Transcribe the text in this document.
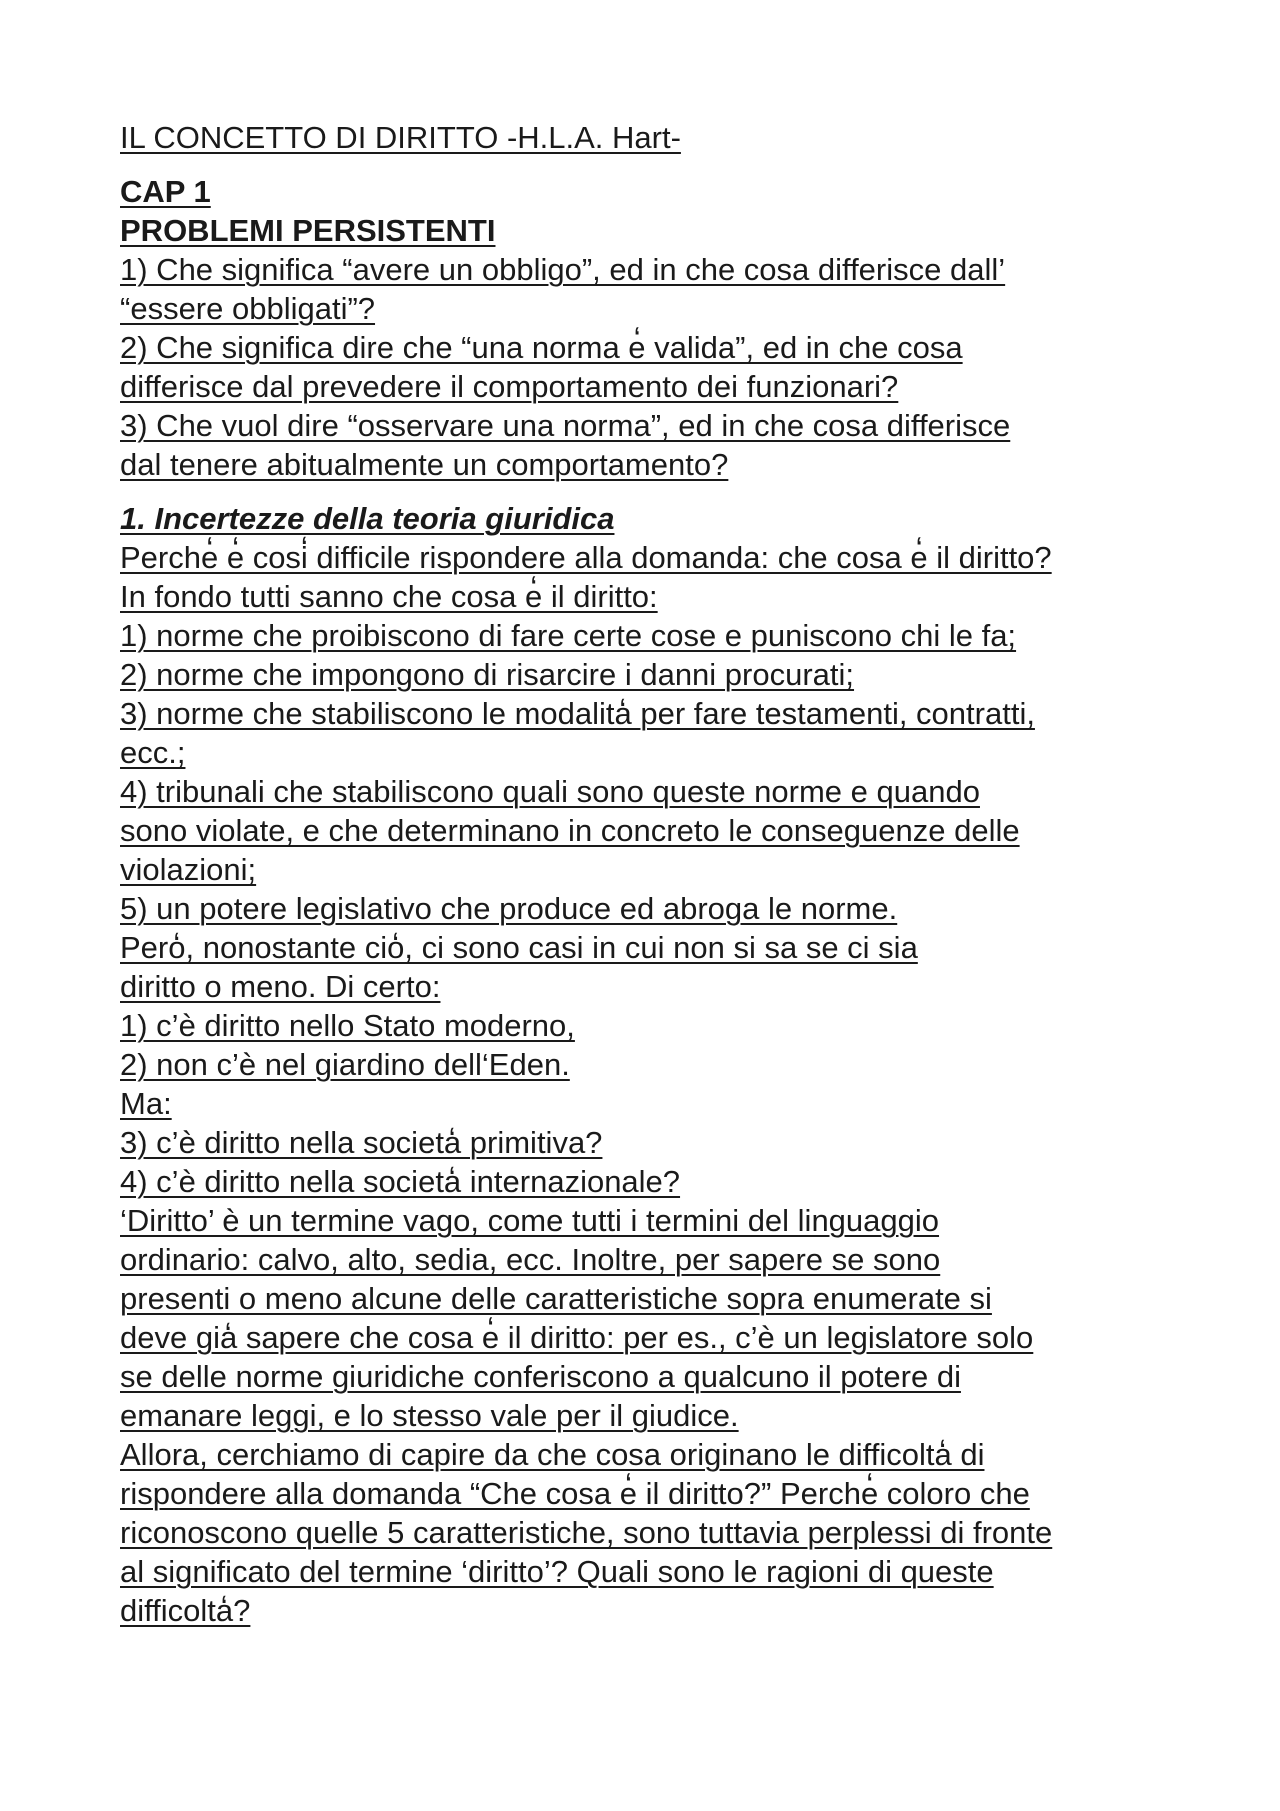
IL CONCETTO DI DIRITTO -H.L.A. Hart-
CAP 1
PROBLEMI PERSISTENTI
1) Che significa “avere un obbligo”, ed in che cosa differisce dall’
“essere obbligati”?
2) Che significa dire che “una norma e̒ valida”, ed in che cosa
differisce dal prevedere il comportamento dei funzionari?
3) Che vuol dire “osservare una norma”, ed in che cosa differisce
dal tenere abitualmente un comportamento?
1. Incertezze della teoria giuridica
Perche̒ e̒ cosi̒ difficile rispondere alla domanda: che cosa e̒ il diritto?
In fondo tutti sanno che cosa e̒ il diritto:
1) norme che proibiscono di fare certe cose e puniscono chi le fa;
2) norme che impongono di risarcire i danni procurati;
3) norme che stabiliscono le modalita̒ per fare testamenti, contratti,
ecc.;
4) tribunali che stabiliscono quali sono queste norme e quando
sono violate, e che determinano in concreto le conseguenze delle
violazioni;
5) un potere legislativo che produce ed abroga le norme.
Pero̒, nonostante cio̒, ci sono casi in cui non si sa se ci sia
diritto o meno. Di certo:
1) c’è diritto nello Stato moderno,
2) non c’è nel giardino dell‘Eden.
Ma:
3) c’è diritto nella societa̒ primitiva?
4) c’è diritto nella societa̒ internazionale?
‘Diritto’ è un termine vago, come tutti i termini del linguaggio
ordinario: calvo, alto, sedia, ecc. Inoltre, per sapere se sono
presenti o meno alcune delle caratteristiche sopra enumerate si
deve gia̒ sapere che cosa e̒ il diritto: per es., c’è un legislatore solo
se delle norme giuridiche conferiscono a qualcuno il potere di
emanare leggi, e lo stesso vale per il giudice.
Allora, cerchiamo di capire da che cosa originano le difficolta̒ di
rispondere alla domanda “Che cosa e̒ il diritto?” Perche̒ coloro che
riconoscono quelle 5 caratteristiche, sono tuttavia perplessi di fronte
al significato del termine ‘diritto’? Quali sono le ragioni di queste
difficolta̒?
